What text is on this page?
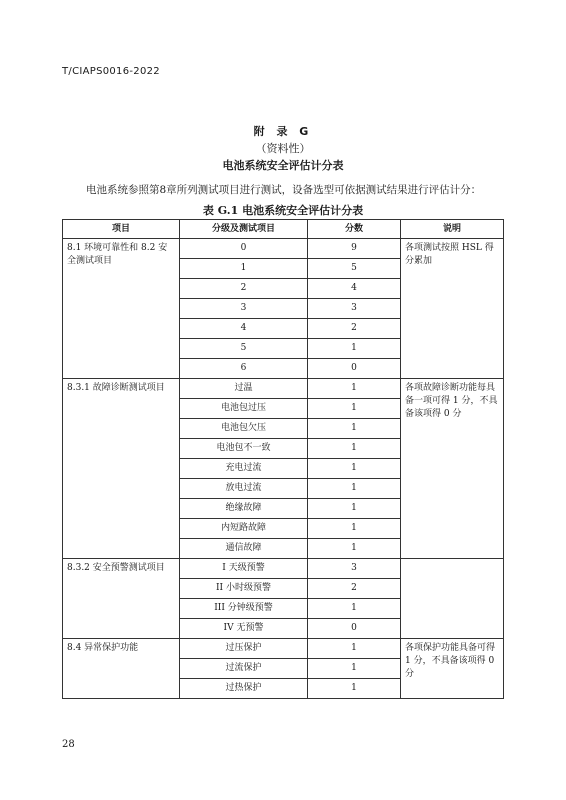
T/CIAPS0016-2022
附 录 G
（资料性）
电池系统安全评估计分表
电池系统参照第8章所列测试项目进行测试，设备选型可依据测试结果进行评估计分：
表 G.1 电池系统安全评估计分表
项目	分级及测试项目	分数	说明
8.1 环境可靠性和 8.2 安全测试项目	0	9	各项测试按照 HSL 得分累加
	1	5	
	2	4	
	3	3	
	4	2	
	5	1	
	6	0	
8.3.1 故障诊断测试项目	过温	1	各项故障诊断功能每具备一项可得 1 分，不具备该项得 0 分
	电池包过压	1	
	电池包欠压	1	
	电池包不一致	1	
	充电过流	1	
	放电过流	1	
	绝缘故障	1	
	内短路故障	1	
	通信故障	1	
8.3.2 安全预警测试项目	I 天级预警	3	
	II 小时级预警	2	
	III 分钟级预警	1	
	IV 无预警	0	
8.4 异常保护功能	过压保护	1	各项保护功能具备可得 1 分，不具备该项得 0 分
	过流保护	1	
	过热保护	1	
28
